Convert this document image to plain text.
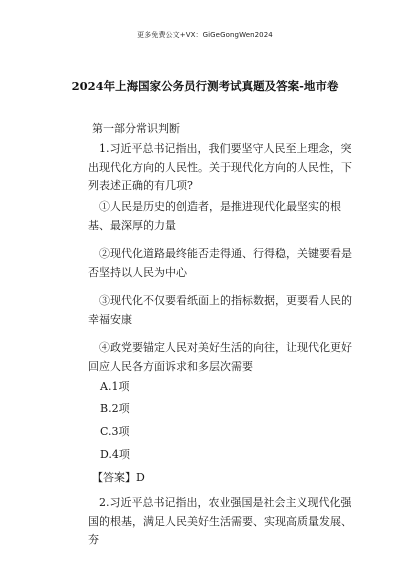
更多免费公文+VX：GiGeGongWen2024
2024年上海国家公务员行测考试真题及答案-地市卷
第一部分常识判断

1.习近平总书记指出，我们要坚守人民至上理念，突出现代化方向的人民性。关于现代化方向的人民性，下列表述正确的有几项?

①人民是历史的创造者，是推进现代化最坚实的根基、最深厚的力量

②现代化道路最终能否走得通、行得稳，关键要看是否坚持以人民为中心

③现代化不仅要看纸面上的指标数据，更要看人民的幸福安康

④政党要锚定人民对美好生活的向往，让现代化更好回应人民各方面诉求和多层次需要

A.1项

B.2项

C.3项

D.4项

【答案】D

2.习近平总书记指出，农业强国是社会主义现代化强国的根基，满足人民美好生活需要、实现高质量发展、夯
